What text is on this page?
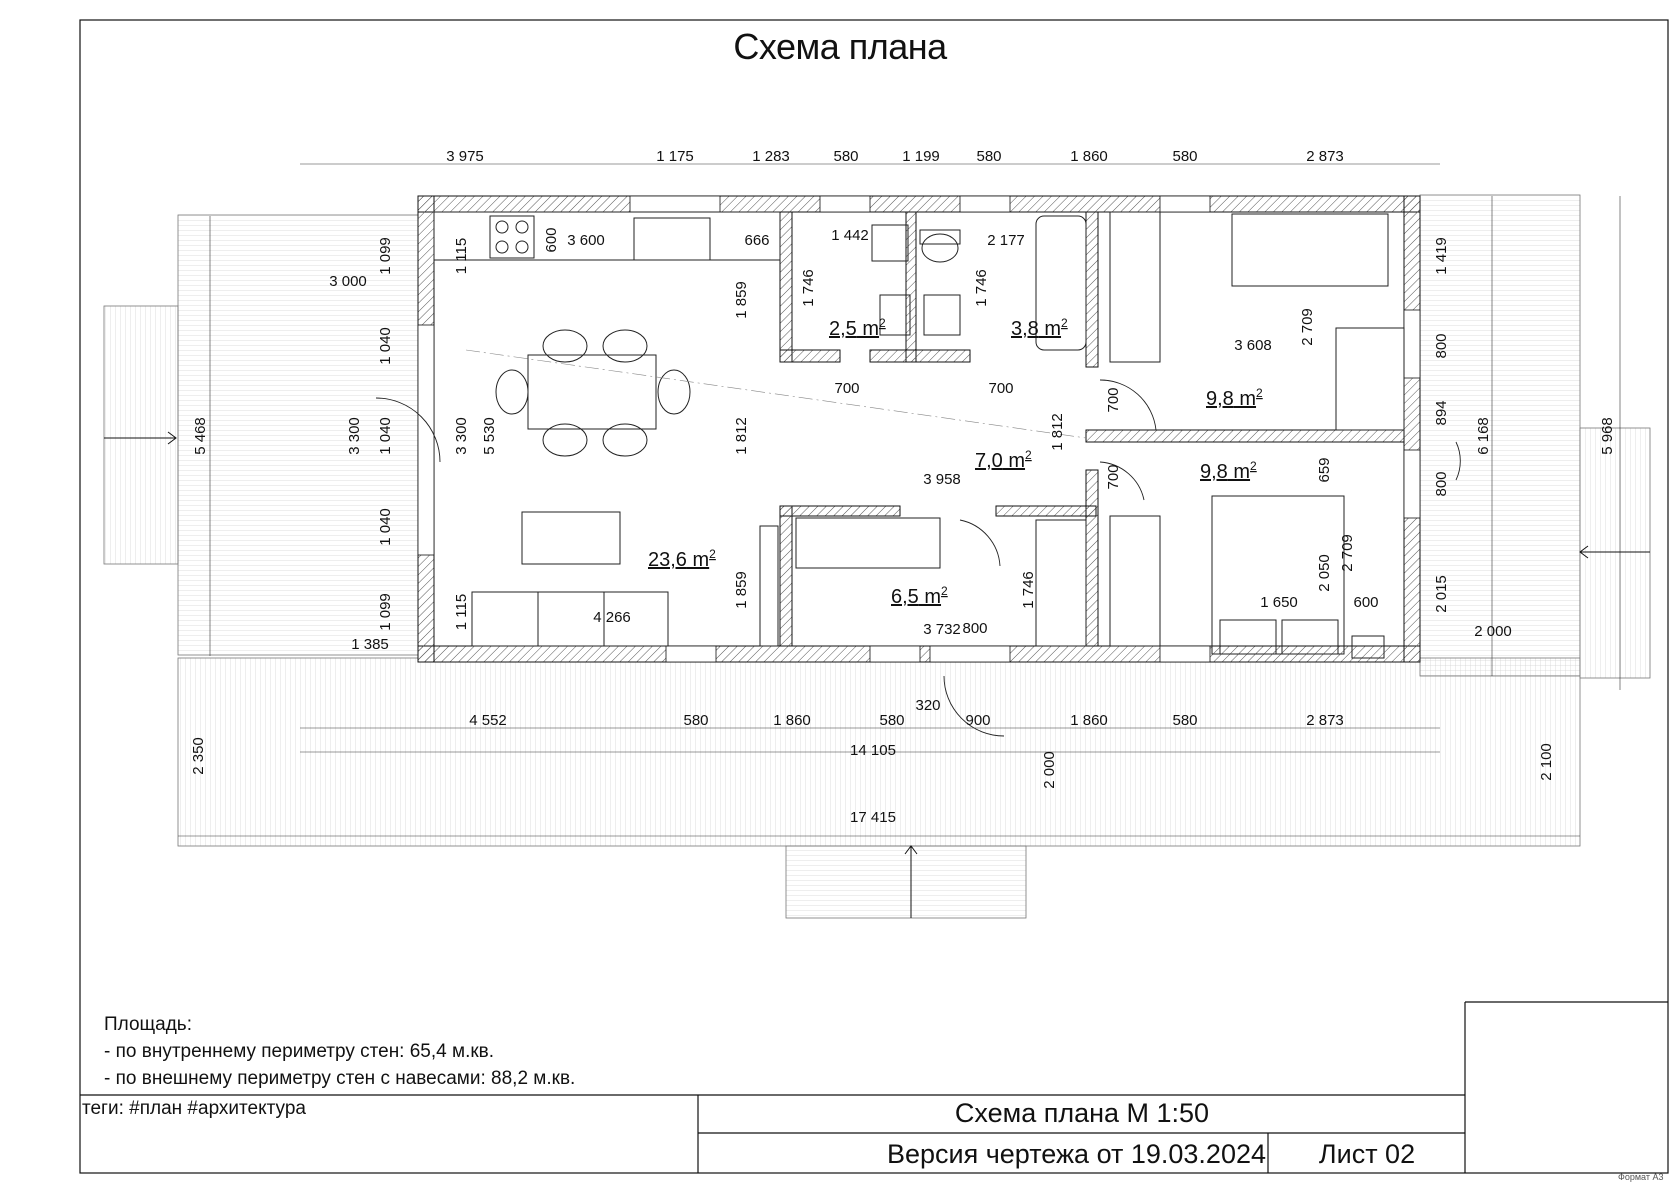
3 975	1 175	1 283	580	1 199 580	1 860	580	2 873
4 552	580	1 860	580
320
900	1 860	580	2 873
14 105
17 415
3 600
600	666	1 442	2 177
700	700
3 958
800
3 732
4 266
3 608
1 650	600
3 000
1 385
2 000
5 468	3 300
1 099
1 040
1 040
1 040
1 099
1 115
3 300 5 530
1 115
1 859
1 812
1 859
1 746	1 746
1 746
1 812
700
700
2 709
2 709
2 050
659
1 419
800
894
800
2 015
6 168	5 968
2 350	2 000	2 100
23,6 $m^2$
2,5 $m^2$	3,8 $m^2$
9,8 $m^2$
9,8 $m^2$
7,0 $m^2$
6,5 $m^2$
Схема плана
Площадь:
- по внутреннему периметру стен: 65,4 м.кв.
- по внешнему периметру стен с навесами: 88,2 м.кв.
теги: #план #архитектура	Схема плана М 1:50
Версия чертежа от 19.03.2024	Лист 02
Формат А3
